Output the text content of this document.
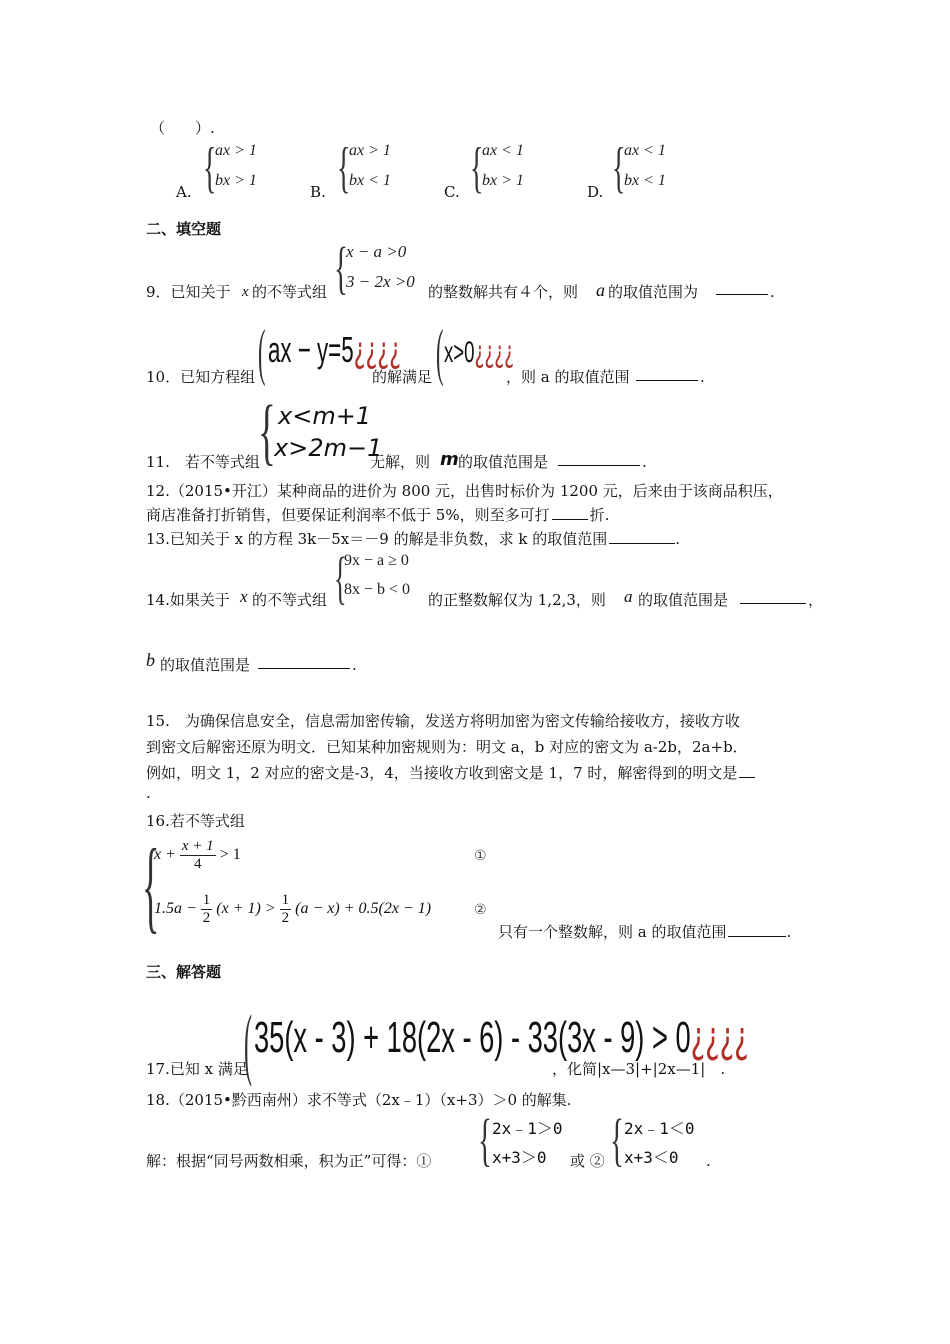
（　　）.
A. {
ax > 1
bx > 1
B. {
ax > 1
bx < 1
C. {
ax < 1
bx > 1
D. {
ax < 1
bx < 1
二、填空题
9．已知关于 x 的不等式组 {
x − a >0
3 − 2x >0
的整数解共有４个，则 a 的取值范围为	.
10．已知方程组 ( ax − y=5¿¿¿¿
的解满足 ( x>0¿¿¿¿
，则 a 的取值范围	.
11.　若不等式组
{ x<m+1
x>2m−1
无解，则 m 的取值范围是	.
12.（2015•开江）某种商品的进价为 800 元，出售时标价为 1200 元，后来由于该商品积压，
商店准备打折销售，但要保证利润率不低于 5%，则至多可打	折.
13.已知关于 x 的方程 3k－5x＝－9 的解是非负数，求 k 的取值范围	.
14.如果关于 x 的不等式组 {
9x − a ≥ 0
8x − b < 0
的正整数解仅为 1,2,3，则 a 的取值范围是	，
b 的取值范围是	.
15.　为确保信息安全，信息需加密传输，发送方将明加密为密文传输给接收方，接收方收
到密文后解密还原为明文．已知某种加密规则为：明文 a，b 对应的密文为 a-2b，2a+b．
例如，明文 1，2 对应的密文是-3，4，当接收方收到密文是 1，7 时，解密得到的明文是
.
16.若不等式组
{
$x + \frac{x + 1}{4} > 1$	①
$1.5a - \frac{1}{2} (x + 1) > \frac{1}{2} (a - x) + 0.5(2x - 1)$	②
只有一个整数解，则 a 的取值范围	.
三、解答题
17.已知 x 满足
( 35(x - 3) + 18(2x - 6) - 33(3x - 9) > 0¿¿¿¿
，化简|x—3|+|2x—1|　.
18.（2015•黔西南州）求不等式（2x﹣1）（x+3）＞0 的解集.
解：根据“同号两数相乘，积为正”可得：① { 2x﹣1＞0
x+3＞0 或 ② { 2x﹣1＜0
x+3＜0 .
